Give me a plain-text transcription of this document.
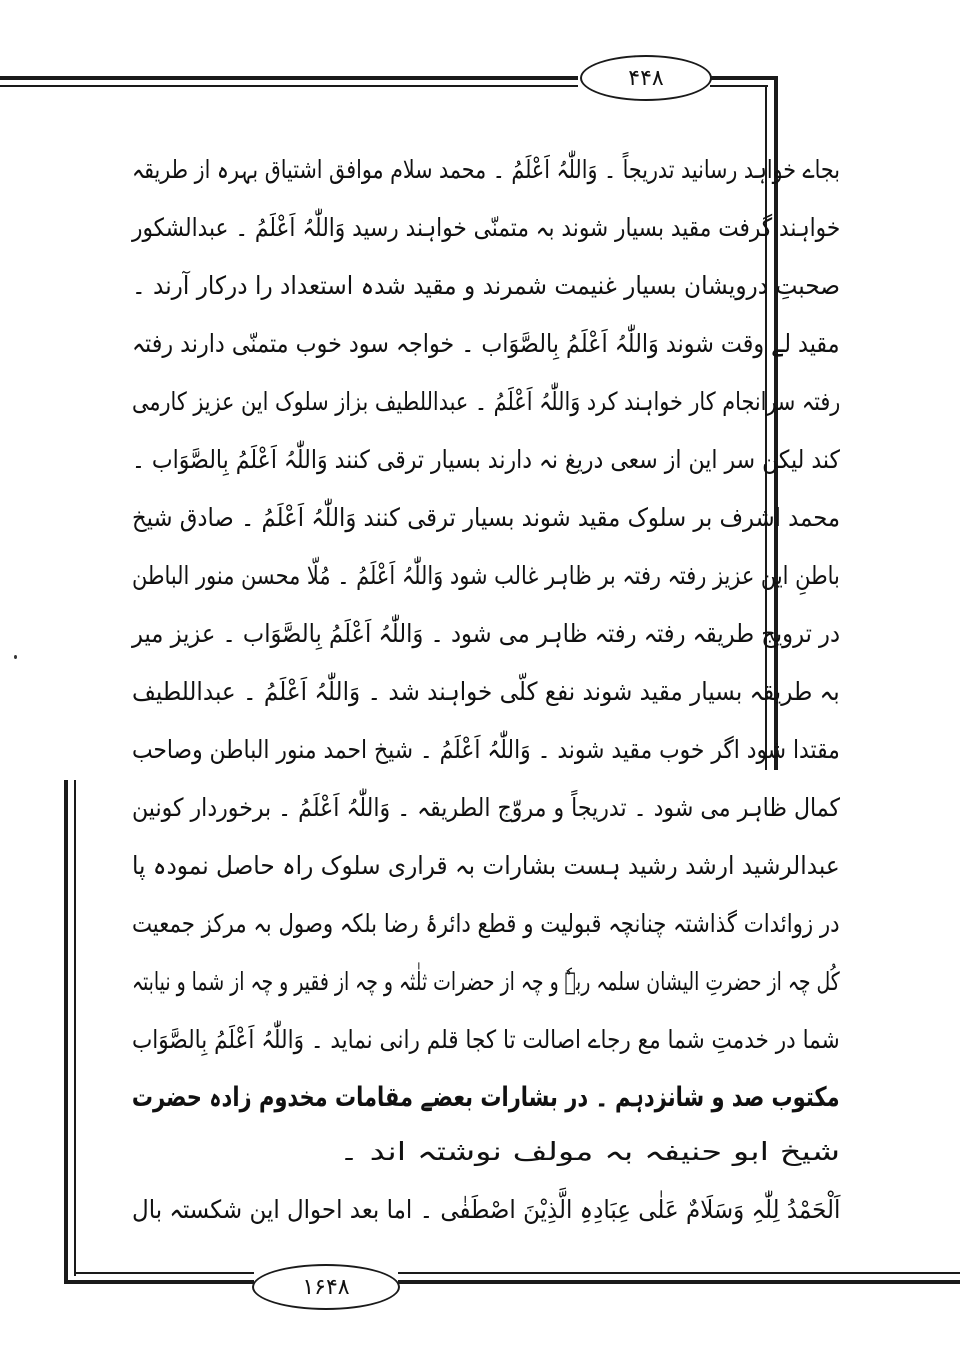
۴۴۸
۱۶۴۸
بجاے خواہد رسانید تدریجاً ۔ وَاللّٰہُ اَعْلَمُ ۔ محمد سلام موافق اشتیاق بہرہ از طریقہ
خواہند گرفت مقید بسیار شوند بہ متمنّی خواہند رسید وَاللّٰہُ اَعْلَمُ ۔ عبدالشکور
صحبتِ درویشان بسیار غنیمت شمرند و مقید شدہ استعداد را درکار آرند ۔
مقید لے وقت شوند وَاللّٰہُ اَعْلَمُ بِالصَّوَاب ۔ خواجہ سود خوب متمنّی دارند رفتہ
رفتہ سرانجام کار خواہند کرد وَاللّٰہُ اَعْلَمُ ۔ عبداللطیف بزاز سلوک این عزیز کارمی
کند لیکن سر این از سعی دریغ نہ دارند بسیار ترقی کنند وَاللّٰہُ اَعْلَمُ بِالصَّوَاب ۔
محمد اشرف بر سلوک مقید شوند بسیار ترقی کنند وَاللّٰہُ اَعْلَمُ ۔ صادق شیخ
باطنِ این عزیز رفتہ رفتہ بر ظاہر غالب شود وَاللّٰہُ اَعْلَمُ ۔ مُلّا محسن منور الباطن
در ترویج طریقہ رفتہ رفتہ ظاہر می شود ۔ وَاللّٰہُ اَعْلَمُ بِالصَّوَاب ۔ عزیز میر
بہ طریقہ بسیار مقید شوند نفع کلّی خواہند شد ۔ وَاللّٰہُ اَعْلَمُ ۔ عبداللطیف
مقتدا شود اگر خوب مقید شوند ۔ وَاللّٰہُ اَعْلَمُ ۔ شیخ احمد منور الباطن وصاحب
کمال ظاہر می شود ۔ تدریجاً و مروّج الطریقہ ۔ وَاللّٰہُ اَعْلَمُ ۔ برخوردار کونین
عبدالرشید ارشد رشید ہست بشارات بہ قراری سلوک راہ حاصل نمودہ پا
در زوائدات گذاشتہ چنانچہ قبولیت و قطع دائرۂ رضا بلکہ وصول بہ مرکز جمعیت
کُل چہ از حضرتِ الیشان سلمہ ربہٗ و چہ از حضرات ثلٰثہ و چہ از فقیر و چہ از شما و نیابتہ
شما در خدمتِ شما مع رجاے اصالت تا کجا قلم رانی نماید ۔ وَاللّٰہُ اَعْلَمُ بِالصَّوَاب
مکتوب صد و شانزدہم ۔ در بشارات بعضے مقامات مخدوم زادہ حضرت
شیخ ابو حنیفہ بہ مولف نوشتہ اند ۔
اَلْحَمْدُ لِلّٰہِ وَسَلَامٌ عَلٰی عِبَادِہِ الَّذِیْنَ اصْطَفٰی ۔ اما بعد احوال این شکستہ بال
